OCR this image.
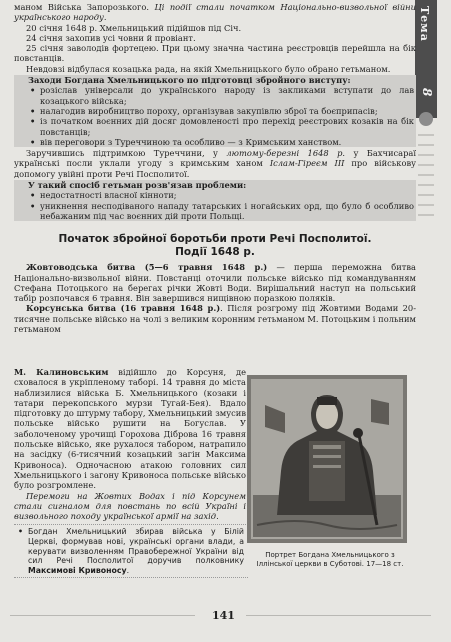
Тема
8

маном Війська Запорозького. Ці події стали початком Національно-визвольної війни українського народу.

20 січня 1648 р. Хмельницький підійшов під Січ.

24 січня захопив усі човни й провіант.

25 січня заволодів фортецею. При цьому значна частина реєстровців перейшла на бік повстанців.

Невдовзі відбулася козацька рада, на якій Хмельницького було обрано гетьманом.

Заходи Богдана Хмельницького по підготовці збройного виступу:

• розіслав універсали до українського народу із закликами вступати до лав козацького війська;
• налагодив виробництво пороху, організував закупівлю зброї та боєприпасів;
• із початком воєнних дій досяг домовленості про перехід реєстрових козаків на бік повстанців;
• вів переговори з Туреччиною та особливо — з Кримським ханством.

Заручившись підтримкою Туреччини, у лютому-березні 1648 р. у Бахчисараї українські посли уклали угоду з кримським ханом Іслам-Гіреєм ІІІ про військову допомогу увійні проти Речі Посполитої.

У такий спосіб гетьман розв'язав проблеми:

• недостатності власної кінноти;
• уникнення несподіваного нападу татарських і ногайських орд, що було б особливо небажаним під час воєнних дій проти Польщі.
Початок збройної боротьби проти Речі Посполитої.
Події 1648 р.

Жовтоводська битва (5—6 травня 1648 р.) — перша переможна битва Національно-визвольної війни. Повстанці оточили польське військо під командуванням Стефана Потоцького на берегах річки Жовті Води. Вирішальний наступ на польський табір розпочався 6 травня. Він завершився нищівною поразкою поляків.

Корсунська битва (16 травня 1648 р.). Після розгрому під Жовтими Водами 20-тисячне польське військо на чолі з великим коронним гетьманом М. Потоцьким і польним гетьманом

М. Калиновським відійшло до Корсуня, де сховалося в укріпленому таборі. 14 травня до міста наблизилися війська Б. Хмельницького (козаки і татари перекопського мурзи Тугай-Бея). Вдало підготовку до штурму табору, Хмельницький змусив польське військо рушити на Богуслав. У заболоченому урочищі Горохова Діброва 16 травня польське військо, яке рухалося табором, натрапило на засідку (6-тисячний козацький загін Максима Кривоноса). Одночасною атакою головних сил Хмельницького і загону Кривоноса польське військо було розгромлене.

Перемоги на Жовтих Водах і під Корсунем стали сигналом для повстань по всій Україні і визвольного походу української армії на захід.

• Богдан Хмельницький збирав війська у Білій Церкві, формував нові, українські органи влади, а керувати визволенням Правобережної України від сил Речі Посполитої доручив полковнику Максимові Кривоносу.
Портрет Богдана Хмельницького з Іллінської церкви в Суботові. 17—18 ст.
141
